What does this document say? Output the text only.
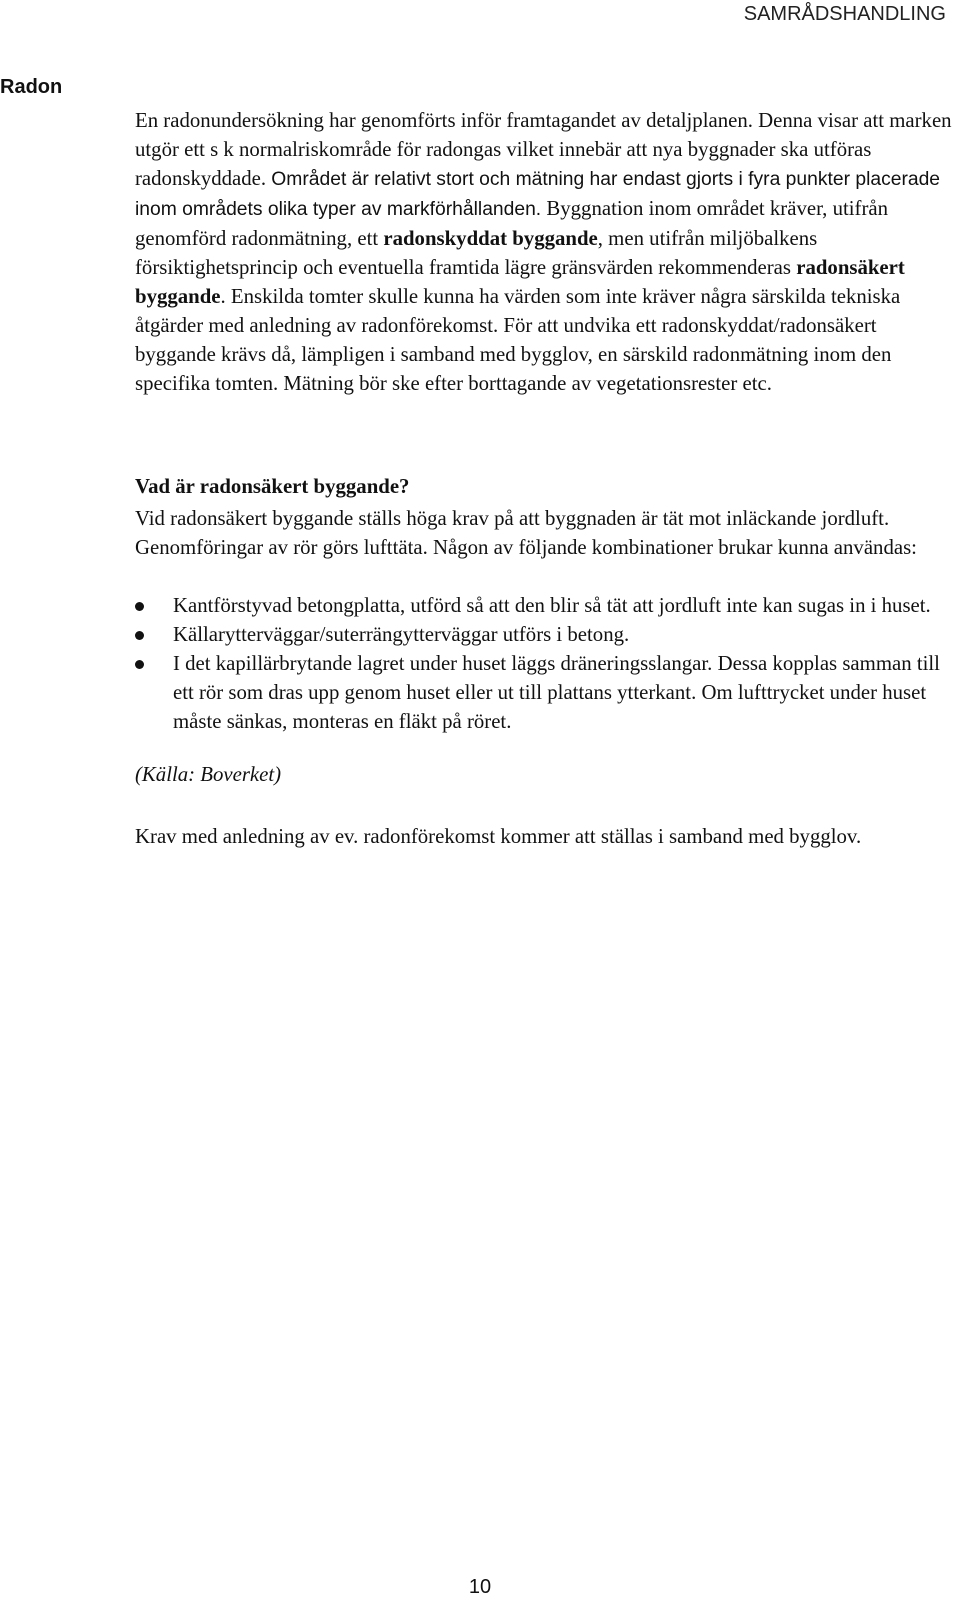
SAMRÅDSHANDLING
Radon

En radonundersökning har genomförts inför framtagandet av detaljplanen. Denna visar att marken utgör ett s k normalriskområde för radongas vilket innebär att nya byggnader ska utföras radonskyddade. Området är relativt stort och mätning har endast gjorts i fyra punkter placerade inom områdets olika typer av markförhållanden. Byggnation inom området kräver, utifrån genomförd radonmätning, ett radonskyddat byggande, men utifrån miljöbalkens försiktighetsprincip och eventuella framtida lägre gränsvärden rekommenderas radonsäkert byggande. Enskilda tomter skulle kunna ha värden som inte kräver några särskilda tekniska åtgärder med anledning av radonförekomst. För att undvika ett radonskyddat/radonsäkert byggande krävs då, lämpligen i samband med bygglov, en särskild radonmätning inom den specifika tomten. Mätning bör ske efter borttagande av vegetationsrester etc.

Vad är radonsäkert byggande?

Vid radonsäkert byggande ställs höga krav på att byggnaden är tät mot inläckande jordluft. Genomföringar av rör görs lufttäta. Någon av följande kombinationer brukar kunna användas:

Kantförstyvad betongplatta, utförd så att den blir så tät att jordluft inte kan sugas in i huset.
Källarytterväggar/suterrängytterväggar utförs i betong.
I det kapillärbrytande lagret under huset läggs dräneringsslangar. Dessa kopplas samman till ett rör som dras upp genom huset eller ut till plattans ytterkant. Om lufttrycket under huset måste sänkas, monteras en fläkt på röret.

(Källa: Boverket)

Krav med anledning av ev. radonförekomst kommer att ställas i samband med bygglov.

10
